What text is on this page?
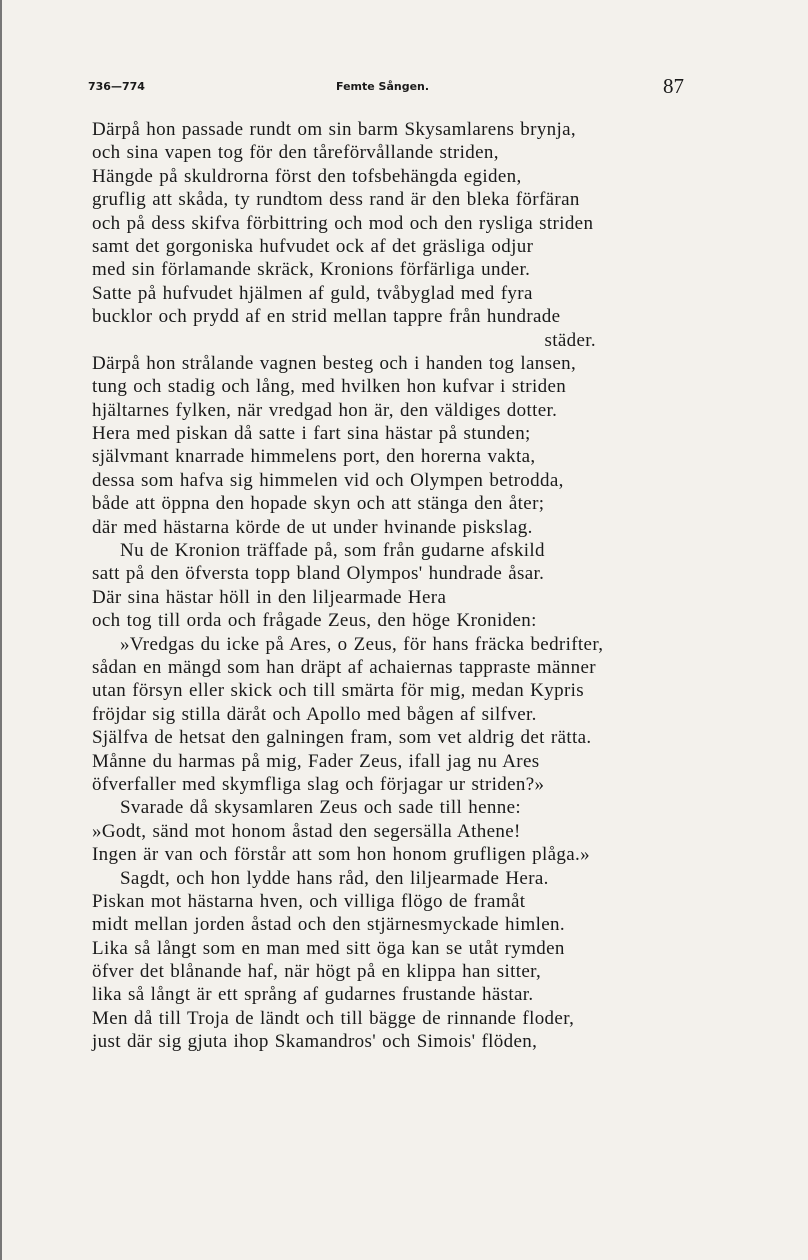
736—774	Femte Sången.	87
Därpå hon passade rundt om sin barm Skysamlarens brynja,
och sina vapen tog för den tåreförvållande striden,
Hängde på skuldrorna först den tofsbehängda egiden,
gruflig att skåda, ty rundtom dess rand är den bleka förfäran
och på dess skifva förbittring och mod och den rysliga striden
samt det gorgoniska hufvudet ock af det gräsliga odjur
med sin förlamande skräck, Kronions förfärliga under.
Satte på hufvudet hjälmen af guld, tvåbyglad med fyra
bucklor och prydd af en strid mellan tappre från hundrade
städer.
Därpå hon strålande vagnen besteg och i handen tog lansen,
tung och stadig och lång, med hvilken hon kufvar i striden
hjältarnes fylken, när vredgad hon är, den väldiges dotter.
Hera med piskan då satte i fart sina hästar på stunden;
självmant knarrade himmelens port, den horerna vakta,
dessa som hafva sig himmelen vid och Olympen betrodda,
både att öppna den hopade skyn och att stänga den åter;
där med hästarna körde de ut under hvinande piskslag.
Nu de Kronion träffade på, som från gudarne afskild
satt på den öfversta topp bland Olympos' hundrade åsar.
Där sina hästar höll in den liljearmade Hera
och tog till orda och frågade Zeus, den höge Kroniden:
»Vredgas du icke på Ares, o Zeus, för hans fräcka bedrifter,
sådan en mängd som han dräpt af achaiernas tappraste männer
utan försyn eller skick och till smärta för mig, medan Kypris
fröjdar sig stilla däråt och Apollo med bågen af silfver.
Själfva de hetsat den galningen fram, som vet aldrig det rätta.
Månne du harmas på mig, Fader Zeus, ifall jag nu Ares
öfverfaller med skymfliga slag och förjagar ur striden?»
Svarade då skysamlaren Zeus och sade till henne:
»Godt, sänd mot honom åstad den segersälla Athene!
Ingen är van och förstår att som hon honom grufligen plåga.»
Sagdt, och hon lydde hans råd, den liljearmade Hera.
Piskan mot hästarna hven, och villiga flögo de framåt
midt mellan jorden åstad och den stjärnesmyckade himlen.
Lika så långt som en man med sitt öga kan se utåt rymden
öfver det blånande haf, när högt på en klippa han sitter,
lika så långt är ett språng af gudarnes frustande hästar.
Men då till Troja de ländt och till bägge de rinnande floder,
just där sig gjuta ihop Skamandros' och Simois' flöden,
